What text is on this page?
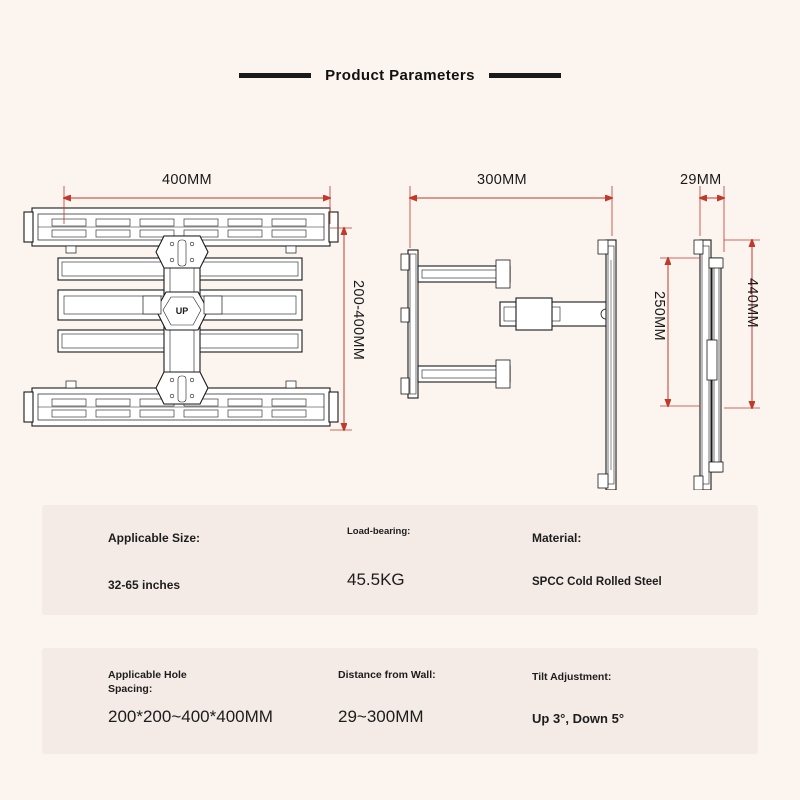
Product Parameters
UP
400MM
200-400MM
300MM	29MM
250MM	440MM
Applicable Size:
32-65 inches
Load-bearing:
45.5KG
Material:
SPCC Cold Rolled Steel
Applicable Hole Spacing:
200*200~400*400MM
Distance from Wall:
29~300MM
Tilt Adjustment:
Up 3°, Down 5°
